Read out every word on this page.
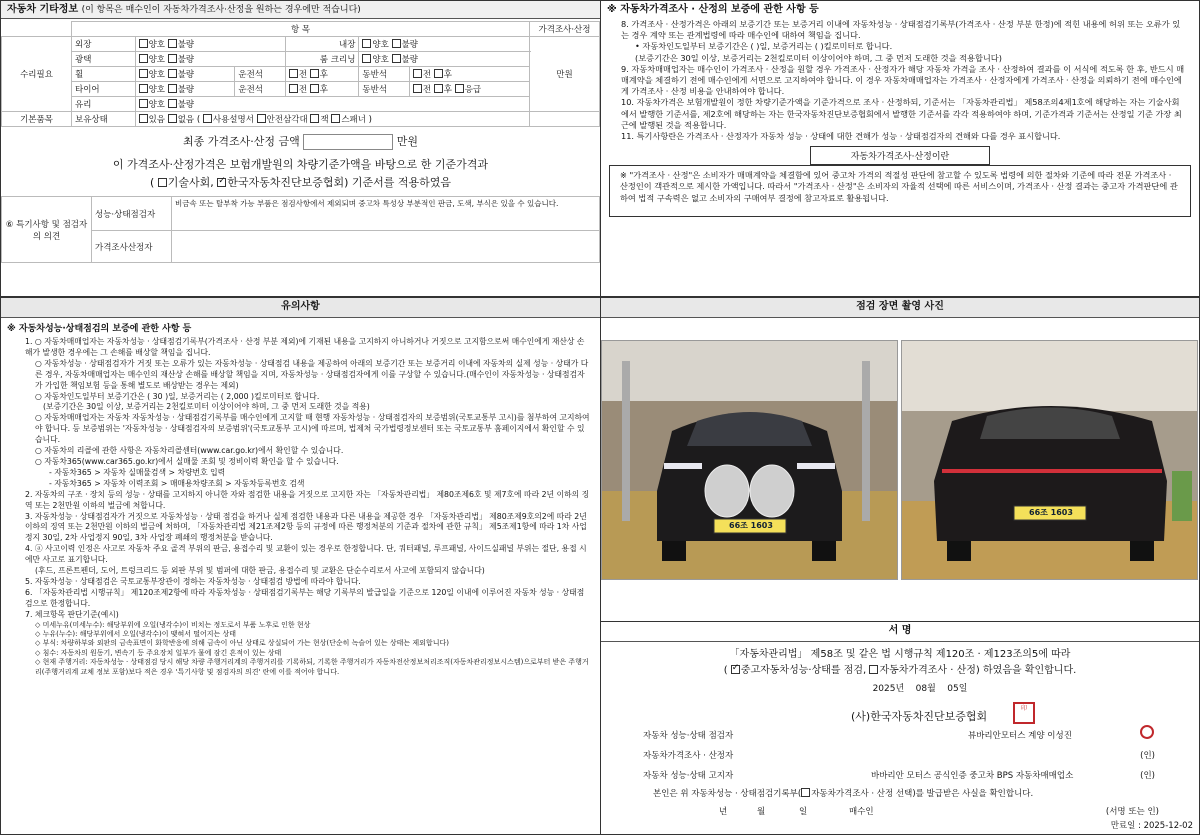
자동차 기타정보 (이 항목은 매수인이 자동차가격조사·산정을 원하는 경우에만 적습니다)
	항 목						가격조사·산정
수리필요	외장	양호 불량		내장	양호 불량		만원
	광택	양호 불량		룸 크리닝	양호 불량		
	휠	양호 불량	운전석	전 후	동반석	전 후	
	타이어	양호 불량	운전석	전 후	동반석	전 후 응급	
	유리	양호 불량					
기본품목	보유상태	있음 없음 ( 사용설명서 안전삼각대 잭 스패너 )					
최종 가격조사·산정 금액	만원
이 가격조사·산정가격은 보험개발원의 차량기준가액을 바탕으로 한 기준가격과
( 기술사회, ✓ 한국자동차진단보증협회) 기준서를 적용하였음
⑥ 특기사항 및 점검자의 의견	성능·상태점검자	비금속 또는 탈부착 가능 부품은 점검사항에서 제외되며 중고차 특성상 부분적인 판금, 도색, 부식은 있을 수 있습니다.
	가격조사산정자	
※ 자동차가격조사 · 산정의 보증에 관한 사항 등
8. 가격조사 · 산정가격은 아래의 보증기간 또는 보증거리 이내에 자동차성능 · 상태점검기록부(가격조사 · 산정 부분 한정)에 적힌 내용에 허위 또는 오류가 있는 경우 계약 또는 관계법령에 따라 매수인에 대하여 책임을 집니다.
• 자동차인도일부터 보증기간은 ( )일, 보증거리는 ( )킬로미터로 합니다.
(보증기간은 30일 이상, 보증거리는 2천킬로미터 이상이어야 하며, 그 중 먼저 도래한 것을 적용합니다)
9. 자동차매매업자는 매수인이 가격조사 · 산정을 원할 경우 가격조사 · 산정자가 해당 자동차 가격을 조사 · 산정하여 결과를 이 서식에 적도록 한 후, 반드시 매매계약을 체결하기 전에 매수인에게 서면으로 고지하여야 합니다. 이 경우 자동차매매업자는 가격조사 · 산정자에게 가격조사 · 산정을 의뢰하기 전에 매수인에게 가격조사 · 산정 비용을 안내하여야 합니다.
10. 자동차가격은 보험개발원이 정한 차량기준가액을 기준가격으로 조사 · 산정하되, 기준서는 「자동차관리법」 제58조의4제1호에 해당하는 자는 기술사회에서 발행한 기준서를, 제2호에 해당하는 자는 한국자동차진단보증협회에서 발행한 기준서를 각각 적용하여야 하며, 기준가격과 기준서는 산정일 기준 가장 최근에 발행된 것을 적용합니다.
11. 특기사항란은 가격조사 · 산정자가 자동차 성능 · 상태에 대한 견해가 성능 · 상태점검자의 견해와 다를 경우 표시합니다.
자동차가격조사·산정이란
※ "가격조사 · 산정"은 소비자가 매매계약을 체결함에 있어 중고차 가격의 적절성 판단에 참고할 수 있도록 법령에 의한 절차와 기준에 따라 전문 가격조사 · 산정인이 객관적으로 제시한 가액입니다. 따라서 "가격조사 · 산정"은 소비자의 자율적 선택에 따른 서비스이며, 가격조사 · 산정 결과는 중고자 가격판단에 관하여 법적 구속력은 없고 소비자의 구매여부 결정에 참고자료로 활용됩니다.
유의사항
※ 자동차성능·상태점검의 보증에 관한 사항 등
1. ○ 자동차매매업자는 자동차성능 · 상태점검기록부(가격조사 · 산정 부분 제외)에 기재된 내용을 고지하지 아니하거나 거짓으로 고지함으로써 매수인에게 재산상 손해가 발생한 경우에는 그 손해를 배상할 책임을 집니다.
○ 자동차성능 · 상태점검자가 거짓 또는 오류가 있는 자동차성능 · 상태점검 내용을 제공하여 아래의 보증기간 또는 보증거리 이내에 자동차의 실제 성능 · 상태가 다른 경우, 자동차매매업자는 매수인의 재산상 손해를 배상할 책임을 지며, 자동차성능 · 상태점검자에게 이를 구상할 수 있습니다.(매수인이 자동차성능 · 상태점검자가 가입한 책임보험 등을 통해 별도로 배상받는 경우는 제외)
○ 자동차인도일부터 보증기간은 ( 30 )일, 보증거리는 ( 2,000 )킬로미터로 합니다.
(보증기간은 30일 이상, 보증거리는 2천킬로미터 이상이어야 하며, 그 중 먼저 도래한 것을 적용)
○ 자동차매매업자는 자동차 자동차성능 · 상태점검기록부를 매수인에게 고지할 때 현행 자동차성능 · 상태점검자의 보증범위(국토교통부 고시)를 첨부하여 고지하여야 합니다. 등 보증범위는 '자동차성능 · 상태점검자의 보증범위'(국토교통부 고시)에 따르며, 법제처 국가법령정보센터 또는 국토교통부 홈페이지에서 확인할 수 있습니다.
○ 자동차의 리콜에 관한 사항은 자동차리콜센터(www.car.go.kr)에서 확인할 수 있습니다.
○ 자동차365(www.car365.go.kr)에서 실매물 조회 및 정비이력 확인을 할 수 있습니다.
- 자동차365 > 자동차 실매물검색 > 차량번호 입력
- 자동차365 > 자동차 이력조회 > 매매용차량조회 > 자동차등록번호 검색
2. 자동차의 구조 · 장치 등의 성능 · 상태를 고지하지 아니한 자와 점검한 내용을 거짓으로 고지한 자는 「자동차관리법」 제80조제6호 및 제7호에 따라 2년 이하의 징역 또는 2천만원 이하의 벌금에 처합니다.
3. 자동차성능 · 상태점검자가 거짓으로 자동차성능 · 상태 점검을 하거나 실제 점검한 내용과 다른 내용을 제공한 경우 「자동차관리법」 제80조제9호의2에 따라 2년 이하의 징역 또는 2천만원 이하의 벌금에 처하며, 「자동차관리법 제21조제2항 등의 규정에 따른 행정처분의 기준과 절차에 관한 규칙」 제5조제1항에 따라 1차 사업정지 30일, 2차 사업정지 90일, 3차 사업장 폐쇄의 행정처분을 받습니다.
4. ⓐ 사고이력 인정은 사고로 자동차 주요 골격 부위의 판금, 용접수리 및 교환이 있는 경우로 한정합니다. 단, 쿼터패널, 루프패널, 사이드실패널 부위는 절단, 용접 시에만 사고로 표기합니다.
(후드, 프론트펜더, 도어, 트렁크리드 등 외판 부위 및 범퍼에 대한 판금, 용접수리 및 교환은 단순수리로서 사고에 포함되지 않습니다)
5. 자동차성능 · 상태점검은 국토교통부장관이 정하는 자동차성능 · 상태점검 방법에 따라야 합니다.
6. 「자동차관리법 시행규칙」 제120조제2항에 따라 자동차성능 · 상태점검기록부는 해당 기록부의 발급일을 기준으로 120일 이내에 이루어진 자동차 성능 · 상태점검으로 한정합니다.
7. 체크항목 판단기준(예시)
◇ 미세누유(미세누수): 해당부위에 오일(냉각수)이 비치는 정도로서 부품 노후로 인한 현상
◇ 누유(누수): 해당부위에서 오일(냉각수)이 맺혀서 떨어지는 상태
◇ 부식: 차량하부와 외판의 금속표면이 화학반응에 의해 금속이 아닌 상태로 상실되어 가는 현상(단순히 녹슬어 있는 상태는 제외합니다)
◇ 침수: 자동차의 원동기, 변속기 등 주요장치 일부가 물에 잠긴 흔적이 있는 상태
◇ 현재 주행거리: 자동차성능 · 상태점검 당시 해당 차량 주행거리계의 주행거리를 기록하되, 기록한 주행거리가 자동차전산정보처리조직(자동차관리정보시스템)으로부터 받은 주행거리(주행거리계 교체 정보 포함)보다 적은 경우 '특기사항 및 점검자의 의견' 란에 이를 적어야 합니다.
점검 장면 촬영 사진
66조 1603
66조 1603
서 명
「자동차관리법」 제58조 및 같은 법 시행규칙 제120조 · 제123조의5에 따라
( ✓중고자동차성능·상태를 점검, 자동차가격조사 · 산정) 하였음을 확인합니다.
2025년 08월 05일
(사)한국자동차진단보증협회
印
자동차 성능·상태 점검자	뷰바리안모터스 계양 이성진
자동차가격조사 · 산정자	(인)
자동차 성능·상태 고지자	바바리안 모터스 공식인증 중고차 BPS 자동차매매업소	(인)
본인은 위 자동차성능 · 상태점검기록부( 자동차가격조사 · 산정 선택)를 발급받은 사실을 확인합니다.
년	월	일	매수인	(서명 또는 인)
만료일 : 2025-12-02
